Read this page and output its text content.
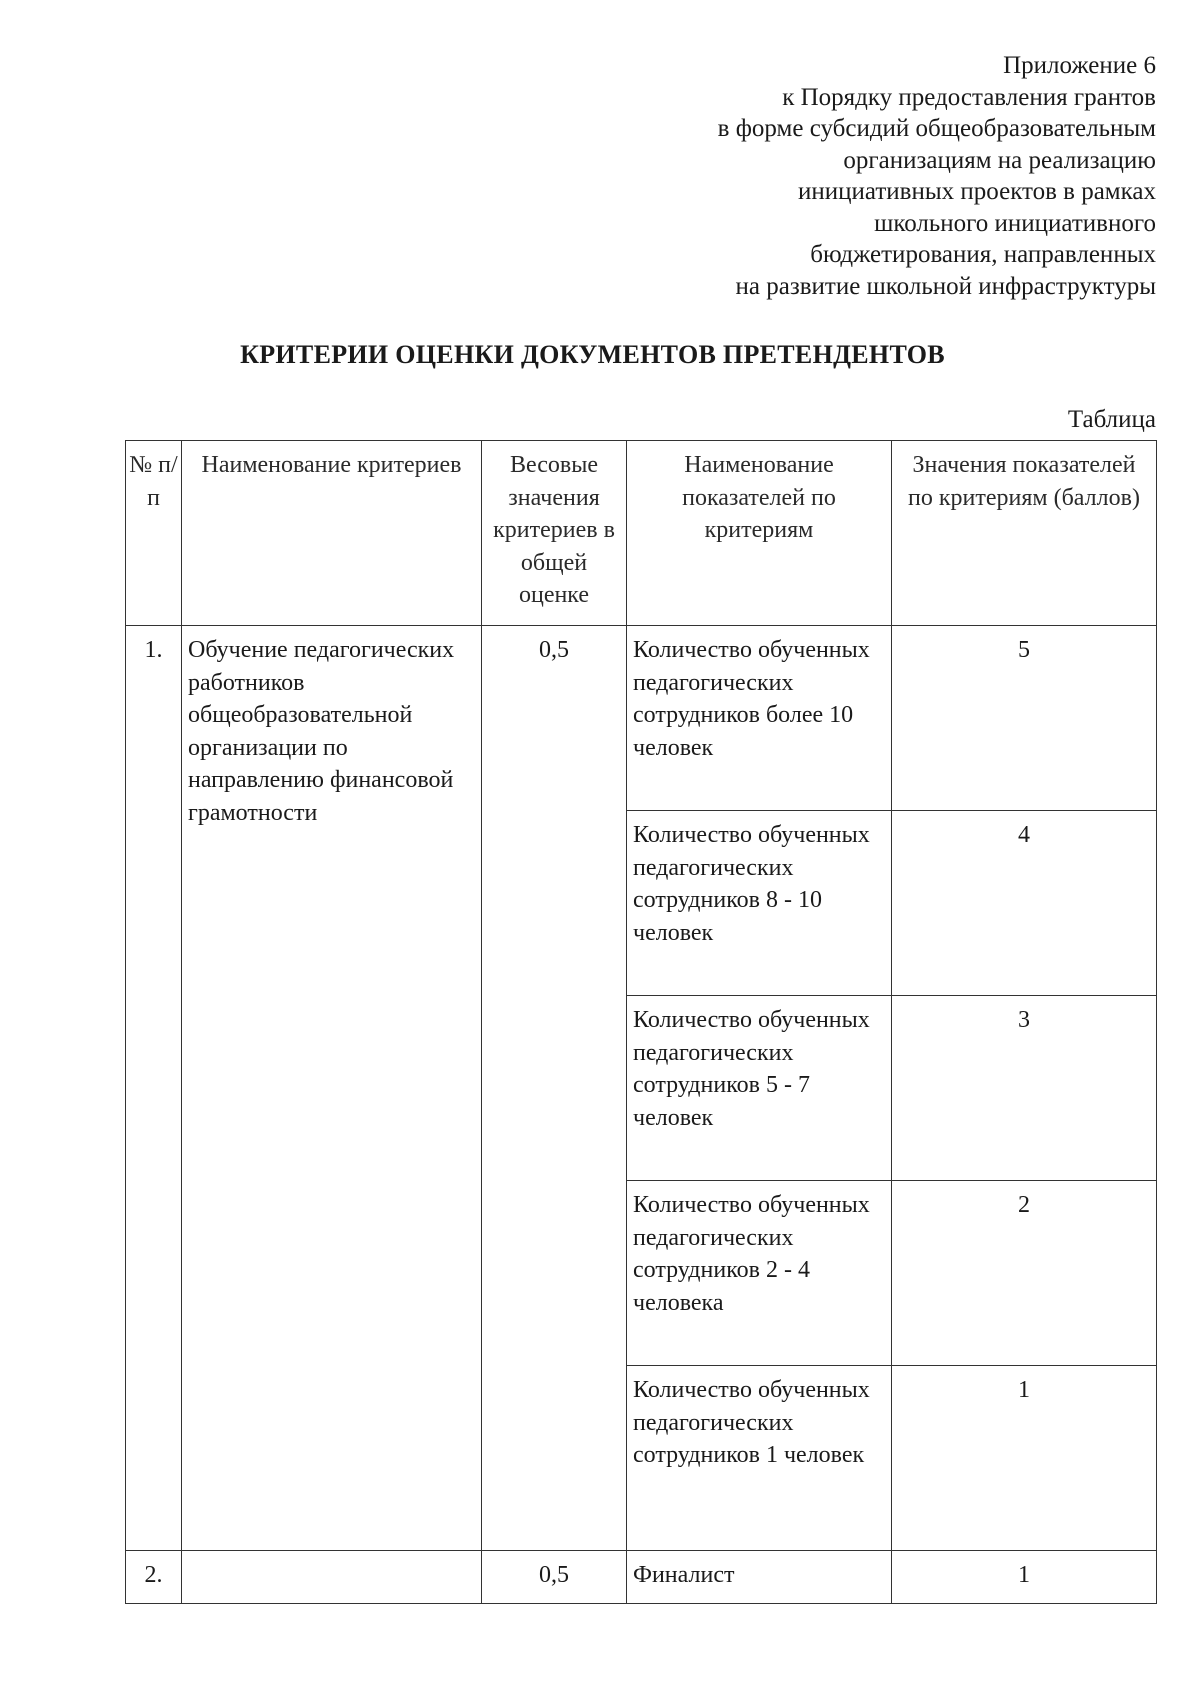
Приложение 6
к Порядку предоставления грантов
в форме субсидий общеобразовательным
организациям на реализацию
инициативных проектов в рамках
школьного инициативного
бюджетирования, направленных
на развитие школьной инфраструктуры
КРИТЕРИИ ОЦЕНКИ ДОКУМЕНТОВ ПРЕТЕНДЕНТОВ
Таблица
№ п/п	Наименование критериев	Весовые значения критериев в общей оценке	Наименование показателей по критериям	Значения показателей по критериям (баллов)
1.	Обучение педагогических работников общеобразовательной организации по направлению финансовой грамотности	0,5	Количество обученных педагогических сотрудников более 10 человек	5
			Количество обученных педагогических сотрудников 8 - 10 человек	4
			Количество обученных педагогических сотрудников 5 - 7 человек	3
			Количество обученных педагогических сотрудников 2 - 4 человека	2
			Количество обученных педагогических сотрудников 1 человек	1
2.		0,5	Финалист	1
